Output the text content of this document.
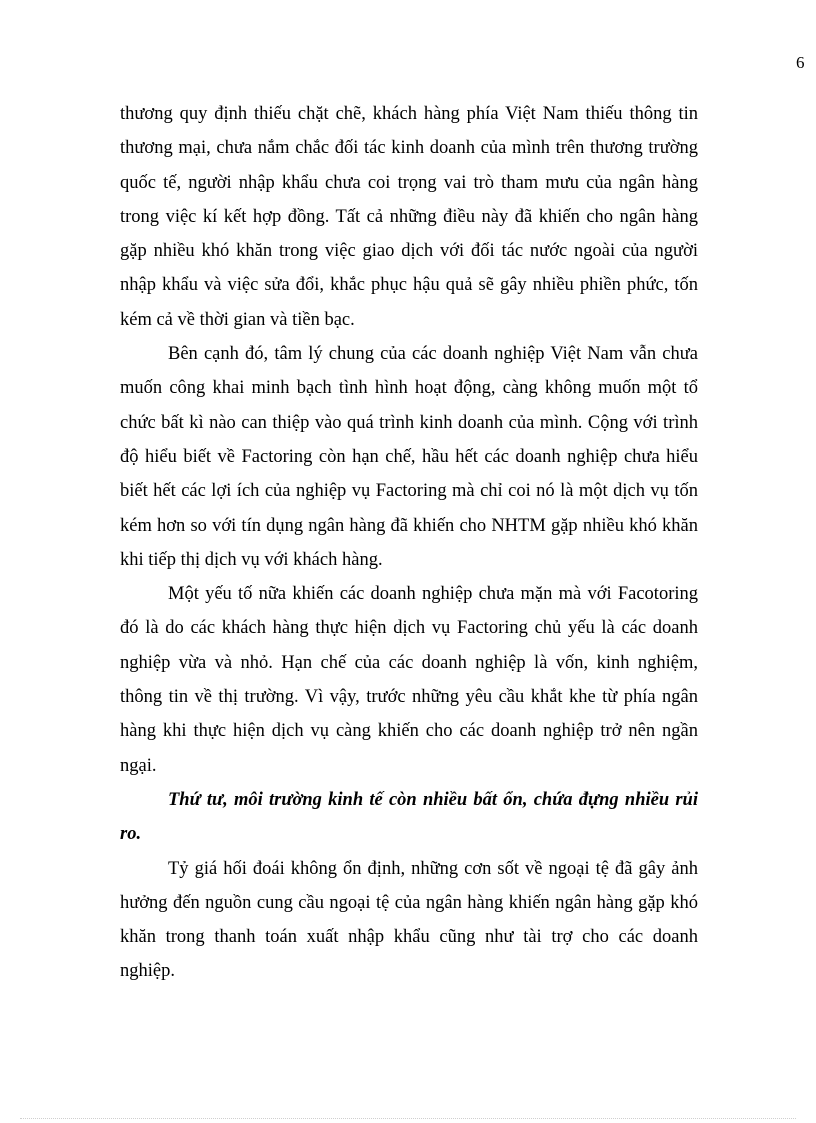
6
thương quy định thiếu chặt chẽ, khách hàng phía Việt Nam thiếu thông tin
thương mại, chưa nắm chắc đối tác kinh doanh của mình trên thương trường
quốc tế, người nhập khẩu chưa coi trọng vai trò tham mưu của ngân hàng
trong việc kí kết hợp đồng. Tất cả những điều này đã khiến cho ngân hàng
gặp nhiều khó khăn trong việc giao dịch với đối tác nước ngoài của người
nhập khẩu và việc sửa đổi, khắc phục hậu quả sẽ gây nhiều phiền phức, tốn
kém cả về thời gian và tiền bạc.
Bên cạnh đó, tâm lý chung của các doanh nghiệp Việt Nam vẫn chưa
muốn công khai minh bạch tình hình hoạt động, càng không muốn một tổ
chức bất kì nào can thiệp vào quá trình kinh doanh của mình. Cộng với trình
độ hiểu biết về Factoring còn hạn chế, hầu hết các doanh nghiệp chưa hiểu
biết hết các lợi ích của nghiệp vụ Factoring mà chỉ coi nó là một dịch vụ tốn
kém hơn so với tín dụng ngân hàng đã khiến cho NHTM gặp nhiều khó khăn
khi tiếp thị dịch vụ với khách hàng.
Một yếu tố nữa khiến các doanh nghiệp chưa mặn mà với Facotoring
đó là do các khách hàng thực hiện dịch vụ Factoring chủ yếu là các doanh
nghiệp vừa và nhỏ. Hạn chế của các doanh nghiệp là vốn, kinh nghiệm,
thông tin về thị trường. Vì vậy, trước những yêu cầu khắt khe từ phía ngân
hàng khi thực hiện dịch vụ càng khiến cho các doanh nghiệp trở nên ngần
ngại.
Thứ tư, môi trường kinh tế còn nhiều bất ổn, chứa đựng nhiều rủi
ro.
Tỷ giá hối đoái không ổn định, những cơn sốt về ngoại tệ đã gây ảnh
hưởng đến nguồn cung cầu ngoại tệ của ngân hàng khiến ngân hàng gặp khó
khăn trong thanh toán xuất nhập khẩu cũng như tài trợ cho các doanh
nghiệp.
